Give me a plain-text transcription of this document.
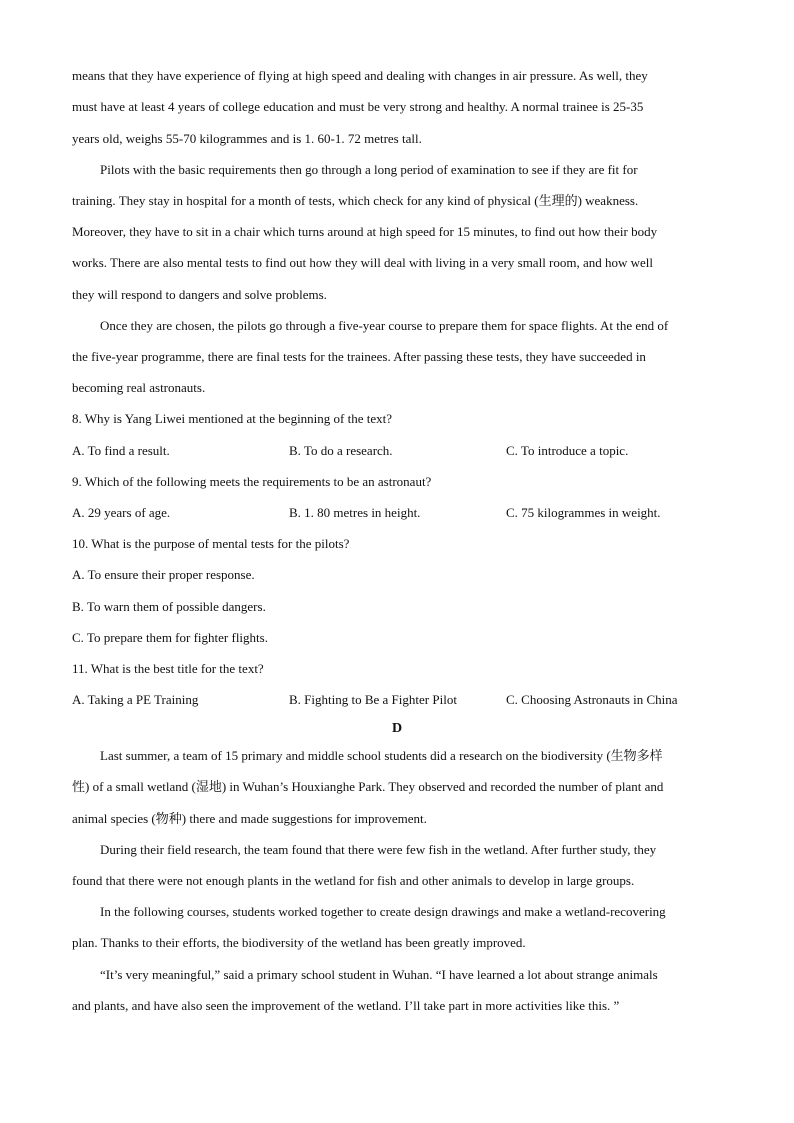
means that they have experience of flying at high speed and dealing with changes in air pressure. As well, they
must have at least 4 years of college education and must be very strong and healthy. A normal trainee is 25-35
years old, weighs 55-70 kilogrammes and is 1. 60-1. 72 metres tall.
Pilots with the basic requirements then go through a long period of examination to see if they are fit for
training. They stay in hospital for a month of tests, which check for any kind of physical (生理的) weakness.
Moreover, they have to sit in a chair which turns around at high speed for 15 minutes, to find out how their body
works. There are also mental tests to find out how they will deal with living in a very small room, and how well
they will respond to dangers and solve problems.
Once they are chosen, the pilots go through a five-year course to prepare them for space flights. At the end of
the five-year programme, there are final tests for the trainees. After passing these tests, they have succeeded in
becoming real astronauts.
8. Why is Yang Liwei mentioned at the beginning of the text?
A. To find a result.	B. To do a research.	C. To introduce a topic.
9. Which of the following meets the requirements to be an astronaut?
A. 29 years of age.	B. 1. 80 metres in height.	C. 75 kilogrammes in weight.
10. What is the purpose of mental tests for the pilots?
A. To ensure their proper response.
B. To warn them of possible dangers.
C. To prepare them for fighter flights.
11. What is the best title for the text?
A. Taking a PE Training	B. Fighting to Be a Fighter Pilot	C. Choosing Astronauts in China
D
Last summer, a team of 15 primary and middle school students did a research on the biodiversity (生物多样
性) of a small wetland (湿地) in Wuhan’s Houxianghe Park. They observed and recorded the number of plant and
animal species (物种) there and made suggestions for improvement.
During their field research, the team found that there were few fish in the wetland. After further study, they
found that there were not enough plants in the wetland for fish and other animals to develop in large groups.
In the following courses, students worked together to create design drawings and make a wetland-recovering
plan. Thanks to their efforts, the biodiversity of the wetland has been greatly improved.
“It’s very meaningful,” said a primary school student in Wuhan. “I have learned a lot about strange animals
and plants, and have also seen the improvement of the wetland. I’ll take part in more activities like this. ”
